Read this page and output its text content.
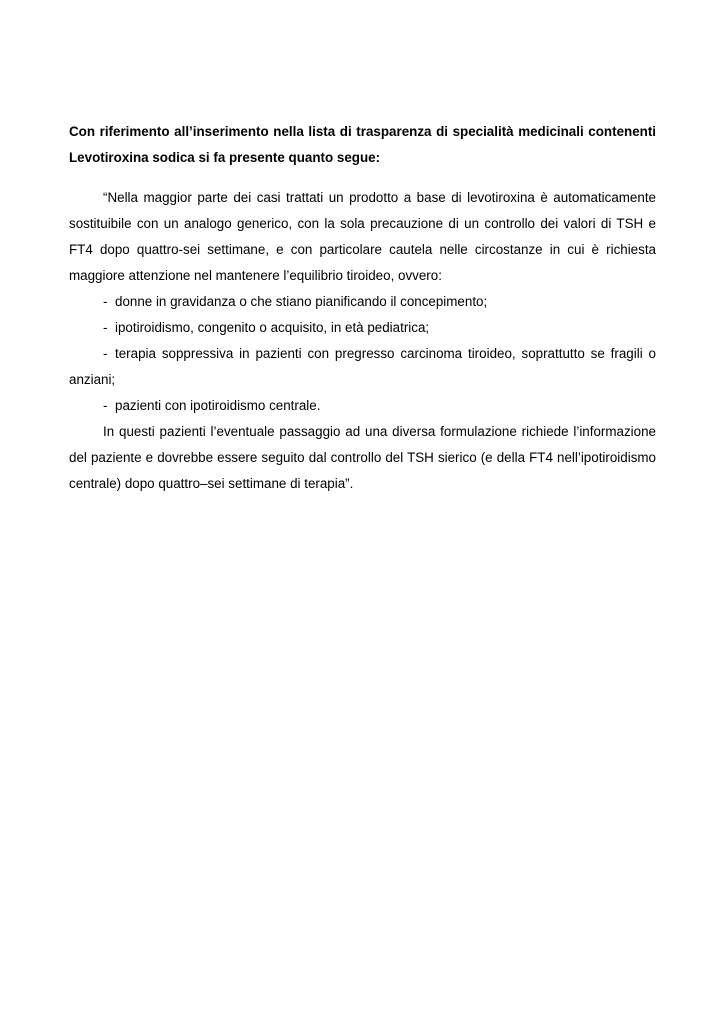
Con riferimento all’inserimento nella lista di trasparenza di specialità medicinali contenenti Levotiroxina sodica si fa presente quanto segue:

“Nella maggior parte dei casi trattati un prodotto a base di levotiroxina è automaticamente sostituibile con un analogo generico, con la sola precauzione di un controllo dei valori di TSH e FT4 dopo quattro-sei settimane, e con particolare cautela nelle circostanze in cui è richiesta maggiore attenzione nel mantenere l’equilibrio tiroideo, ovvero:

- donne in gravidanza o che stiano pianificando il concepimento;
- ipotiroidismo, congenito o acquisito, in età pediatrica;
- terapia soppressiva in pazienti con pregresso carcinoma tiroideo, soprattutto se fragili o anziani;
- pazienti con ipotiroidismo centrale.

In questi pazienti l’eventuale passaggio ad una diversa formulazione richiede l’informazione del paziente e dovrebbe essere seguito dal controllo del TSH sierico (e della FT4 nell’ipotiroidismo centrale) dopo quattro–sei settimane di terapia”.
